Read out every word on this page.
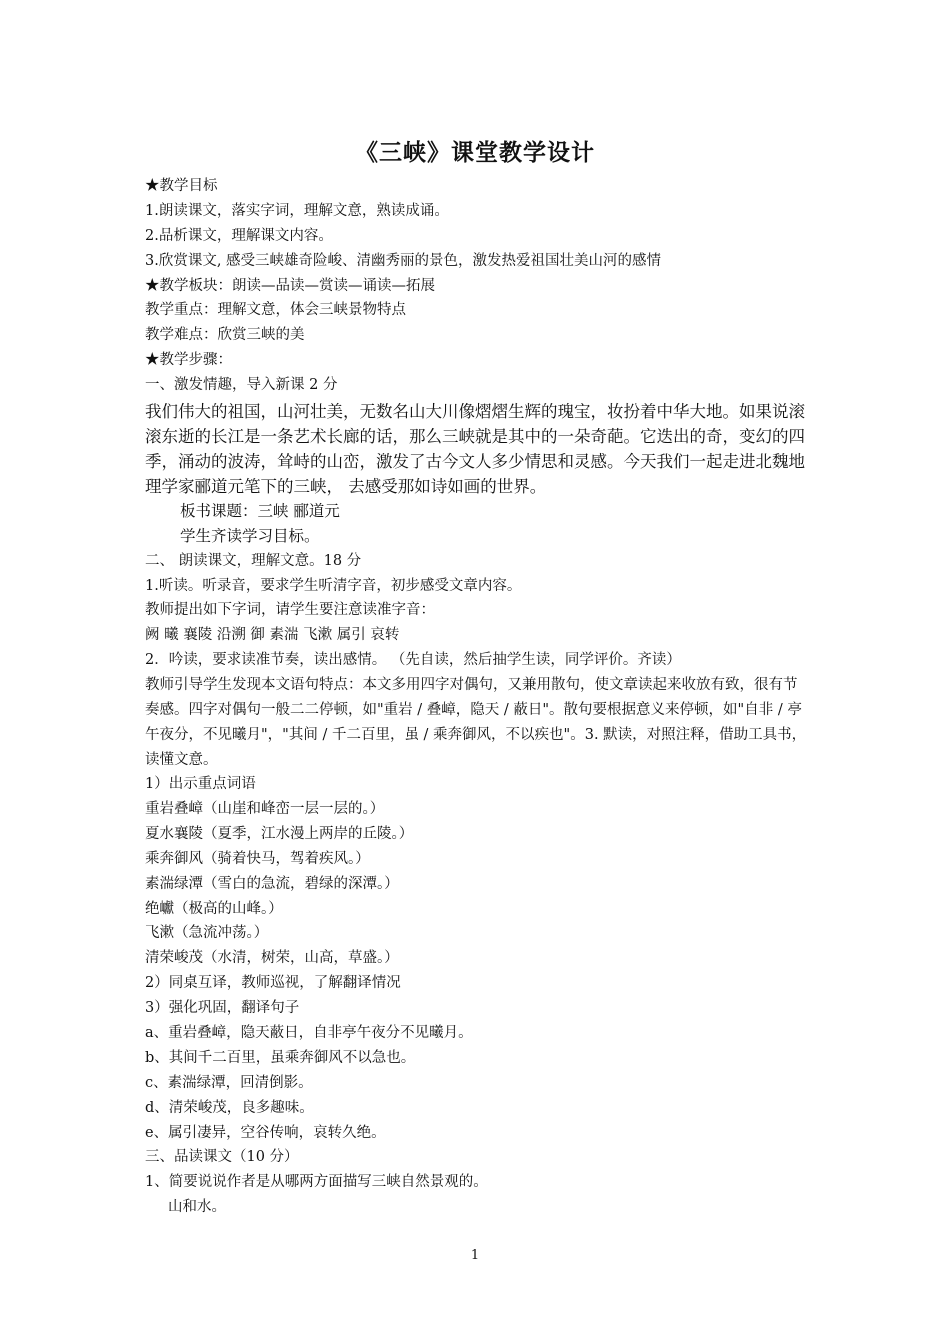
《三峡》课堂教学设计
★教学目标
1.朗读课文，落实字词，理解文意，熟读成诵。
2.品析课文，理解课文内容。
3.欣赏课文, 感受三峡雄奇险峻、清幽秀丽的景色，激发热爱祖国壮美山河的感情
★教学板块：朗读—品读—赏读—诵读—拓展
教学重点：理解文意，体会三峡景物特点
教学难点：欣赏三峡的美
★教学步骤：
一、激发情趣，导入新课 2 分
我们伟大的祖国，山河壮美，无数名山大川像熠熠生辉的瑰宝，妆扮着中华大地。如果说滚滚东逝的长江是一条艺术长廊的话，那么三峡就是其中的一朵奇葩。它迭出的奇，变幻的四季，涌动的波涛，耸峙的山峦，激发了古今文人多少情思和灵感。今天我们一起走进北魏地理学家郦道元笔下的三峡， 去感受那如诗如画的世界。
板书课题：三峡 郦道元
学生齐读学习目标。
二、 朗读课文，理解文意。18 分
1.听读。听录音，要求学生听清字音，初步感受文章内容。
教师提出如下字词，请学生要注意读准字音：
阙 曦 襄陵 沿溯 御 素湍 飞漱 属引 哀转
2．吟读，要求读准节奏，读出感情。 （先自读，然后抽学生读，同学评价。齐读）
教师引导学生发现本文语句特点：本文多用四字对偶句，又兼用散句，使文章读起来收放有致，很有节奏感。四字对偶句一般二二停顿，如"重岩 / 叠嶂，隐天 / 蔽日"。散句要根据意义来停顿，如"自非 / 亭午夜分，不见曦月"，"其间 / 千二百里，虽 / 乘奔御风，不以疾也"。3. 默读，对照注释，借助工具书，读懂文意。
1）出示重点词语
重岩叠嶂（山崖和峰峦一层一层的。）
夏水襄陵（夏季，江水漫上两岸的丘陵。）
乘奔御风（骑着快马，驾着疾风。）
素湍绿潭（雪白的急流，碧绿的深潭。）
绝巘（极高的山峰。）
飞漱（急流冲荡。）
清荣峻茂（水清，树荣，山高，草盛。）
2）同桌互译，教师巡视，了解翻译情况
3）强化巩固，翻译句子
a、重岩叠嶂，隐天蔽日，自非亭午夜分不见曦月。
b、其间千二百里，虽乘奔御风不以急也。
c、素湍绿潭，回清倒影。
d、清荣峻茂，良多趣味。
e、属引凄异，空谷传响，哀转久绝。
三、品读课文（10 分）
1、简要说说作者是从哪两方面描写三峡自然景观的。
山和水。
1
